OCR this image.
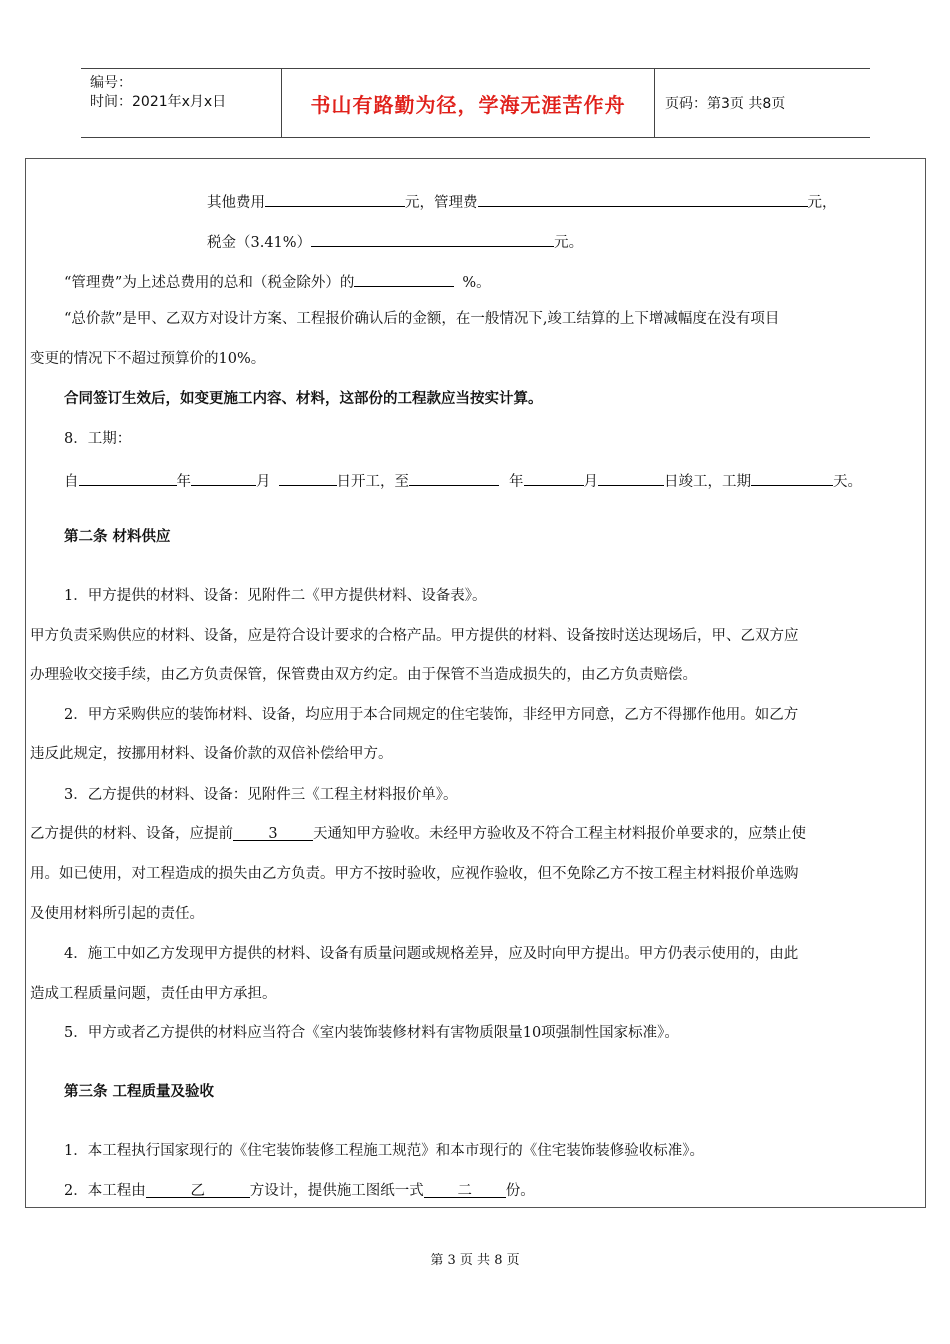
编号：
时间：2021年x月x日	书山有路勤为径，学海无涯苦作舟	页码：第3页 共8页
其他费用	元，管理费	元，
税金（3.41%）	元。
“管理费”为上述总费用的总和（税金除外）的	%。
“总价款”是甲、乙双方对设计方案、工程报价确认后的金额，在一般情况下,竣工结算的上下增减幅度在没有项目
变更的情况下不超过预算价的10%。
合同签订生效后，如变更施工内容、材料，这部份的工程款应当按实计算。
8．工期：
自	年	月	日开工，至	年	月	日竣工，工期	天。
第二条 材料供应
1．甲方提供的材料、设备：见附件二《甲方提供材料、设备表》。
甲方负责采购供应的材料、设备，应是符合设计要求的合格产品。甲方提供的材料、设备按时送达现场后，甲、乙双方应
办理验收交接手续，由乙方负责保管，保管费由双方约定。由于保管不当造成损失的，由乙方负责赔偿。
2．甲方采购供应的装饰材料、设备，均应用于本合同规定的住宅装饰，非经甲方同意，乙方不得挪作他用。如乙方
违反此规定，按挪用材料、设备价款的双倍补偿给甲方。
3．乙方提供的材料、设备：见附件三《工程主材料报价单》。
乙方提供的材料、设备，应提前 3 天通知甲方验收。未经甲方验收及不符合工程主材料报价单要求的，应禁止使
用。如已使用，对工程造成的损失由乙方负责。甲方不按时验收，应视作验收，但不免除乙方不按工程主材料报价单选购
及使用材料所引起的责任。
4．施工中如乙方发现甲方提供的材料、设备有质量问题或规格差异，应及时向甲方提出。甲方仍表示使用的，由此
造成工程质量问题，责任由甲方承担。
5．甲方或者乙方提供的材料应当符合《室内装饰装修材料有害物质限量10项强制性国家标准》。
第三条 工程质量及验收
1．本工程执行国家现行的《住宅装饰装修工程施工规范》和本市现行的《住宅装饰装修验收标准》。
2．本工程由	乙	方设计，提供施工图纸一式 二 份。
第 3 页 共 8 页
